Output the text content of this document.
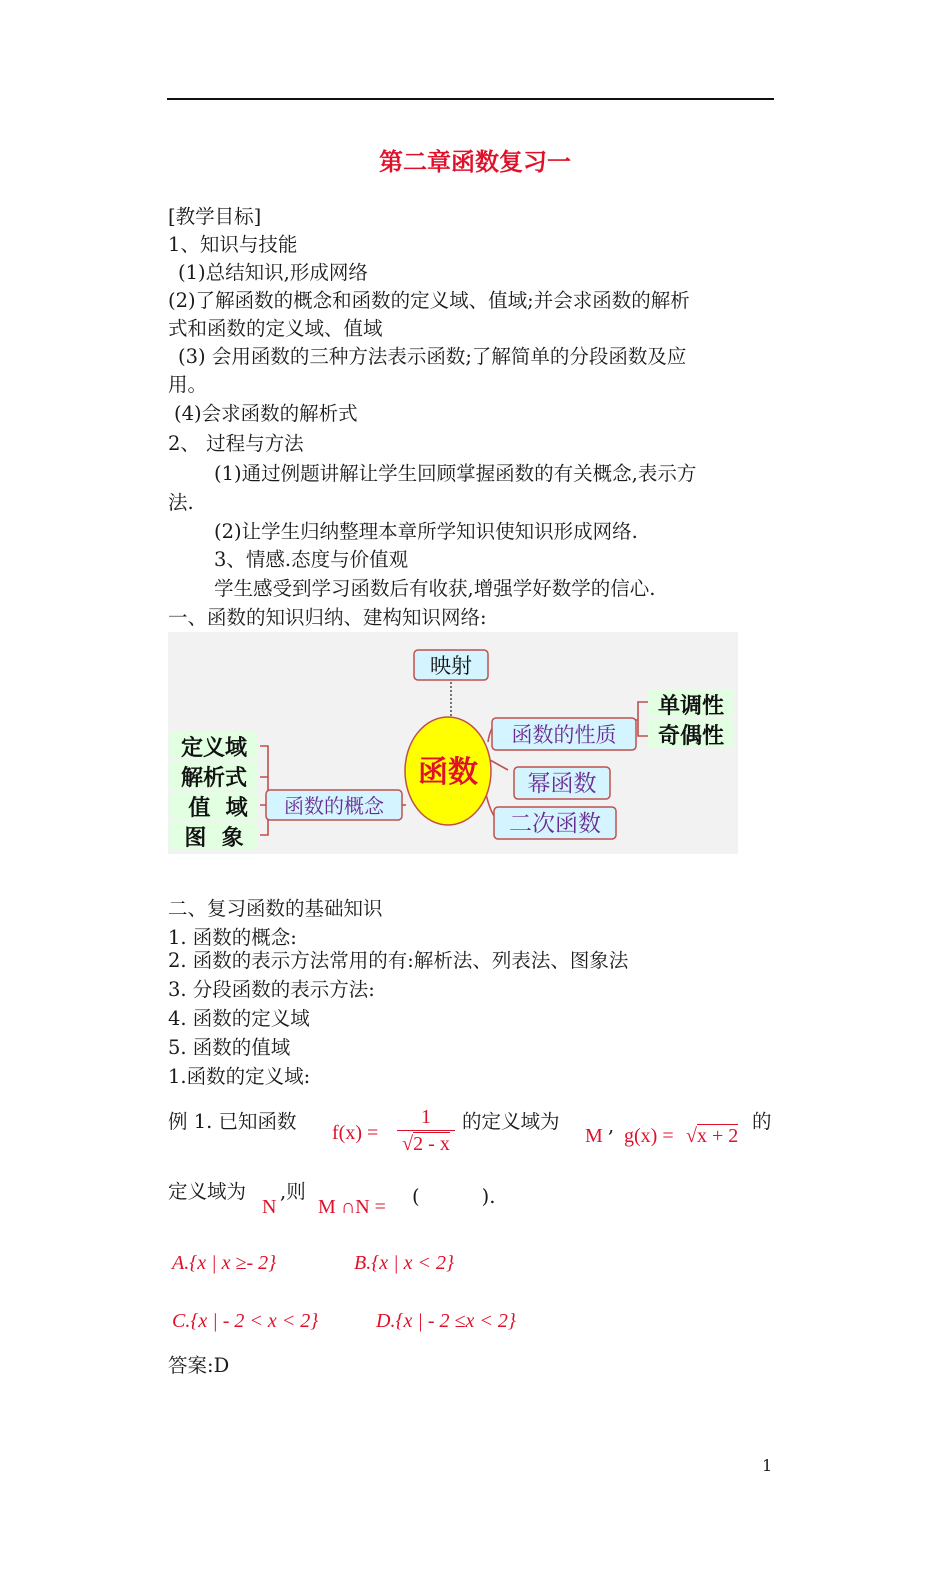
第二章函数复习一
[教学目标]
1、知识与技能
(1)总结知识,形成网络
(2)了解函数的概念和函数的定义域、值域;并会求函数的解析
式和函数的定义域、值域
(3) 会用函数的三种方法表示函数;了解简单的分段函数及应
用。
(4)会求函数的解析式
2、 过程与方法
(1)通过例题讲解让学生回顾掌握函数的有关概念,表示方
法.
(2)让学生归纳整理本章所学知识使知识形成网络.
3、情感.态度与价值观
学生感受到学习函数后有收获,增强学好数学的信心.
一、函数的知识归纳、建构知识网络:
映射
函数
函数的性质
单调性
奇偶性
幂函数
二次函数
函数的概念
定义域
解析式
值  域
图  象
二、复习函数的基础知识
1. 函数的概念:
2. 函数的表示方法常用的有:解析法、列表法、图象法
3. 分段函数的表示方法:
4. 函数的定义域
5. 函数的值域
1.函数的定义域:
例 1. 已知函数 f(x) =
1
√2 - x
的定义域为
M , g(x) = √x + 2
的
定义域为
N
,则
M ∩N = (          ).
A.{x | x ≥- 2}	B.{x | x < 2}
C.{x | - 2 < x < 2}	D.{x | - 2 ≤x < 2}
答案:D
1
